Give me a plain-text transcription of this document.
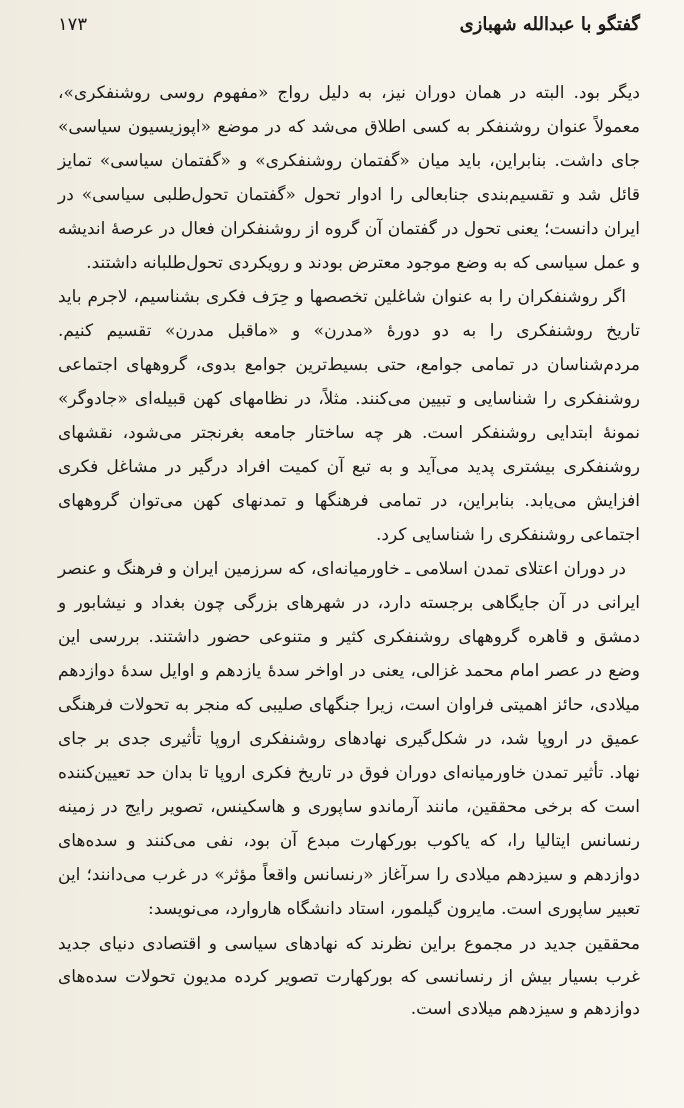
گفتگو با عبدالله شهبازی
۱۷۳

دیگر بود. البته در همان دوران نیز، به دلیل رواج «مفهوم روسی روشنفکری»، معمولاً عنوان روشنفکر به کسی اطلاق می‌شد که در موضع «اپوزیسیون سیاسی» جای داشت. بنابراین، باید میان «گفتمان روشنفکری» و «گفتمان سیاسی» تمایز قائل شد و تقسیم‌بندی جنابعالی را ادوار تحول «گفتمان تحول‌طلبی سیاسی» در ایران دانست؛ یعنی تحول در گفتمان آن گروه از روشنفکران فعال در عرصهٔ اندیشه و عمل سیاسی که به وضع موجود معترض بودند و رویکردی تحول‌طلبانه داشتند.

اگر روشنفکران را به عنوان شاغلین تخصصها و حِرَف فکری بشناسیم، لاجرم باید تاریخ روشنفکری را به دو دورهٔ «مدرن» و «ماقبل مدرن» تقسیم کنیم. مردم‌شناسان در تمامی جوامع، حتی بسیط‌ترین جوامع بدوی، گروههای اجتماعی روشنفکری را شناسایی و تبیین می‌کنند. مثلاً، در نظامهای کهن قبیله‌ای «جادوگر» نمونهٔ ابتدایی روشنفکر است. هر چه ساختار جامعه بغرنجتر می‌شود، نقشهای روشنفکری بیشتری پدید می‌آید و به تبع آن کمیت افراد درگیر در مشاغل فکری افزایش می‌یابد. بنابراین، در تمامی فرهنگها و تمدنهای کهن می‌توان گروههای اجتماعی روشنفکری را شناسایی کرد.

در دوران اعتلای تمدن اسلامی ـ خاورمیانه‌ای، که سرزمین ایران و فرهنگ و عنصر ایرانی در آن جایگاهی برجسته دارد، در شهرهای بزرگی چون بغداد و نیشابور و دمشق و قاهره گروههای روشنفکری کثیر و متنوعی حضور داشتند. بررسی این وضع در عصر امام محمد غزالی، یعنی در اواخر سدهٔ یازدهم و اوایل سدهٔ دوازدهم میلادی، حائز اهمیتی فراوان است، زیرا جنگهای صلیبی که منجر به تحولات فرهنگی عمیق در اروپا شد، در شکل‌گیری نهادهای روشنفکری اروپا تأثیری جدی بر جای نهاد. تأثیر تمدن خاورمیانه‌ای دوران فوق در تاریخ فکری اروپا تا بدان حد تعیین‌کننده است که برخی محققین، مانند آرماندو ساپوری و هاسکینس، تصویر رایج در زمینه رنسانس ایتالیا را، که یاکوب بورکهارت مبدع آن بود، نفی می‌کنند و سده‌های دوازدهم و سیزدهم میلادی را سرآغاز «رنسانس واقعاً مؤثر» در غرب می‌دانند؛ این تعبیر ساپوری است. مایرون گیلمور، استاد دانشگاه هاروارد، می‌نویسد:

محققین جدید در مجموع براین نظرند که نهادهای سیاسی و اقتصادی دنیای جدید غرب بسیار بیش از رنسانسی که بورکهارت تصویر کرده مدیون تحولات سده‌های دوازدهم و سیزدهم میلادی است.
